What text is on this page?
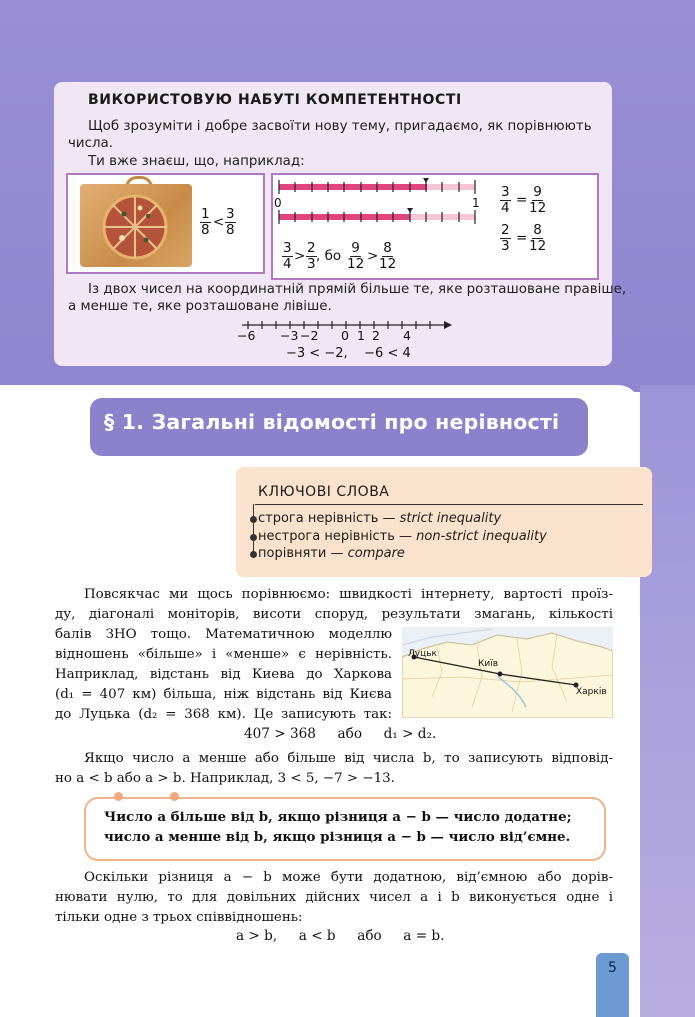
ВИКОРИСТОВУЮ НАБУТІ КОМПЕТЕНТНОСТІ
Щоб зрозуміти і добре засвоїти нову тему, пригадаємо, як порівнюють
числа.
Ти вже знаєш, що, наприклад:
$\frac{1}{8} < \frac{3}{8}$
0	$1 \frac{3}{4} = \frac{9}{12}$
$\frac{2}{3} = \frac{8}{12}$
$\frac{3}{4} > \frac{2}{3}$ , бо $\frac{9}{12} > \frac{8}{12}$
Із двох чисел на координатній прямій більше те, яке розташоване правіше,
а менше те, яке розташоване лівіше.
−6 −3 −2 0 1 2 4
−3 < −2,    −6 < 4
§ 1. Загальні відомості про нерівності
КЛЮЧОВІ СЛОВА
строга нерівність — strict inequality
нестрога нерівність — non-strict inequality
порівняти — compare
Повсякчас ми щось порівнюємо: швидкості інтернету, вартості проїз-
ду, діагоналі моніторів, висоти споруд, результати змагань, кількості
балів ЗНО тощо. Математичною моделлю
відношень «більше» і «менше» є нерівність.
Наприклад, відстань від Киева до Харкова
(d₁ = 407 км) більша, ніж відстань від Києва
до Луцька (d₂ = 368 км). Це записують так:
Луцьк
Київ
Харків
407 > 368     або     d₁ > d₂.
Якщо число a менше або більше від числа b, то записують відповід-
но a < b або a > b. Наприклад, 3 < 5, −7 > −13.
Число a більше від b, якщо різниця a − b — число додатне;
число a менше від b, якщо різниця a − b — число від’ємне.
Оскільки різниця a − b може бути додатною, від’ємною або дорів-
нювати нулю, то для довільних дійсних чисел a і b виконується одне і
тільки одне з трьох співвідношень:
a > b,     a < b     або     a = b.
5
